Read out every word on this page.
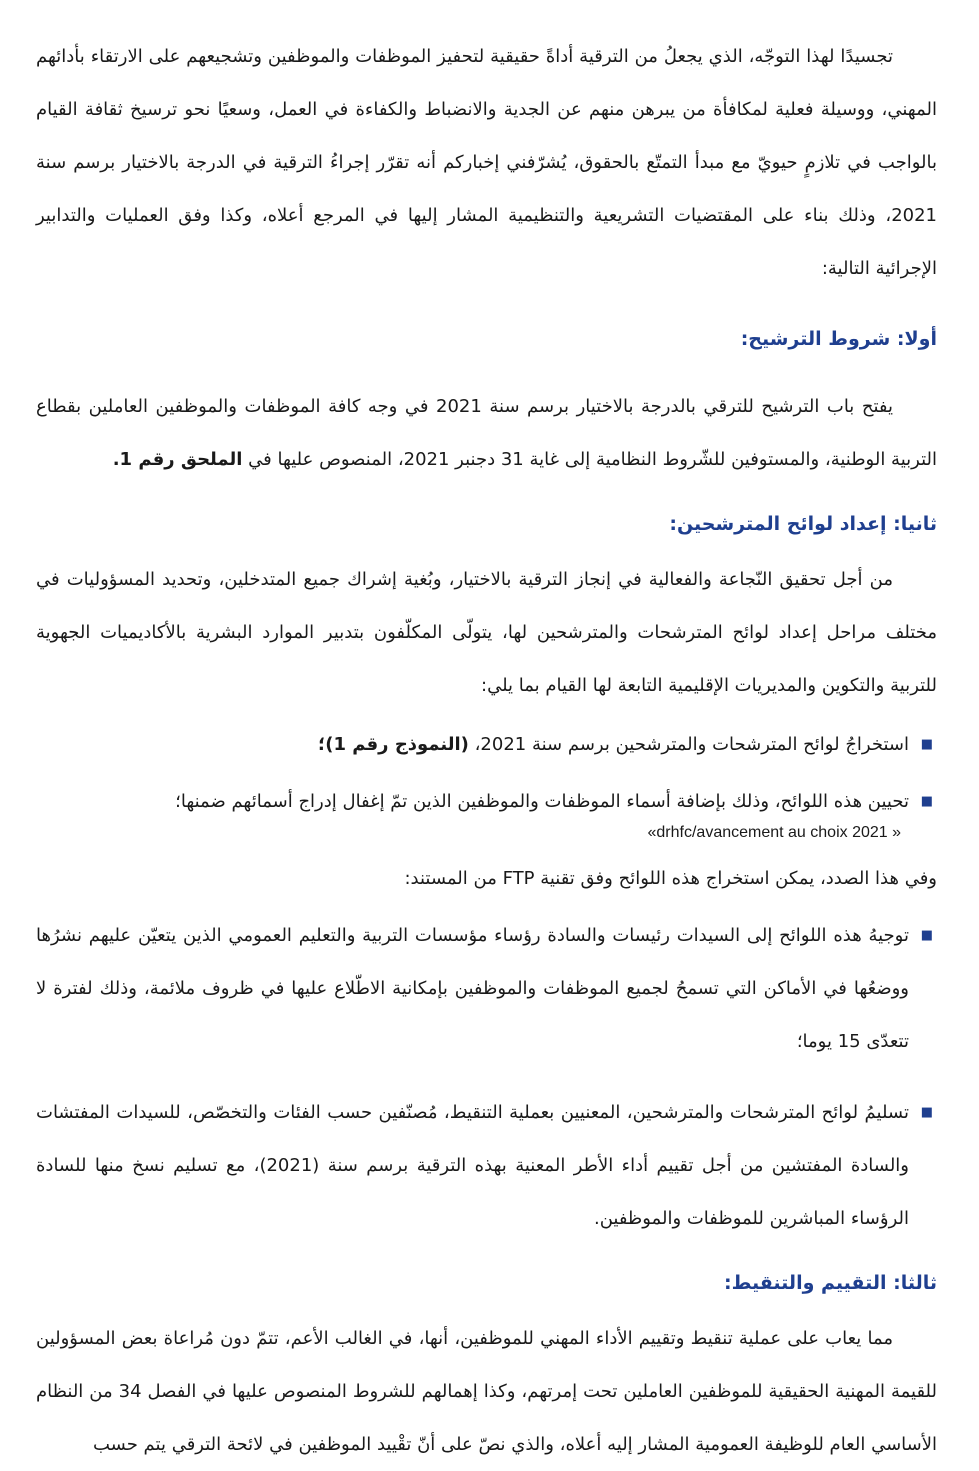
تجسيدًا لهذا التوجّه، الذي يجعلُ من الترقية أداةً حقيقية لتحفيز الموظفات والموظفين وتشجيعهم على الارتقاء بأدائهم المهني، ووسيلة فعلية لمكافأة من يبرهن منهم عن الجدية والانضباط والكفاءة في العمل، وسعيًا نحو ترسيخ ثقافة القيام بالواجب في تلازمٍ حيويّ مع مبدأ التمتّع بالحقوق، يُشرّفني إخباركم أنه تقرّر إجراءُ الترقية في الدرجة بالاختيار برسم سنة 2021، وذلك بناء على المقتضيات التشريعية والتنظيمية المشار إليها في المرجع أعلاه، وكذا وفق العمليات والتدابير الإجرائية التالية:

أولا: شروط الترشيح:

يفتح باب الترشيح للترقي بالدرجة بالاختيار برسم سنة 2021 في وجه كافة الموظفات والموظفين العاملين بقطاع التربية الوطنية، والمستوفين للشّروط النظامية إلى غاية 31 دجنبر 2021، المنصوص عليها في الملحق رقم 1.

ثانيا: إعداد لوائح المترشحين:

من أجل تحقيق النّجاعة والفعالية في إنجاز الترقية بالاختيار، وبُغية إشراك جميع المتدخلين، وتحديد المسؤوليات في مختلف مراحل إعداد لوائح المترشحات والمترشحين لها، يتولّى المكلّفون بتدبير الموارد البشرية بالأكاديميات الجهوية للتربية والتكوين والمديريات الإقليمية التابعة لها القيام بما يلي:

■
استخراجُ لوائح المترشحات والمترشحين برسم سنة 2021، (النموذج رقم 1)؛

■
تحيين هذه اللوائح، وذلك بإضافة أسماء الموظفات والموظفين الذين تمّ إغفال إدراج أسمائهم ضمنها؛

«drhfc/avancement au choix 2021 »

وفي هذا الصدد، يمكن استخراج هذه اللوائح وفق تقنية FTP من المستند:

■
توجيهُ هذه اللوائح إلى السيدات رئيسات والسادة رؤساء مؤسسات التربية والتعليم العمومي الذين يتعيّن عليهم نشرُها ووضعُها في الأماكن التي تسمحُ لجميع الموظفات والموظفين بإمكانية الاطّلاع عليها في ظروف ملائمة، وذلك لفترة لا تتعدّى 15 يوما؛

■
تسليمُ لوائح المترشحات والمترشحين، المعنيين بعملية التنقيط، مُصنّفين حسب الفئات والتخصّص، للسيدات المفتشات والسادة المفتشين من أجل تقييم أداء الأطر المعنية بهذه الترقية برسم سنة (2021)، مع تسليم نسخ منها للسادة الرؤساء المباشرين للموظفات والموظفين.

ثالثا: التقييم والتنقيط:

مما يعاب على عملية تنقيط وتقييم الأداء المهني للموظفين، أنها، في الغالب الأعم، تتمّ دون مُراعاة بعض المسؤولين للقيمة المهنية الحقيقية للموظفين العاملين تحت إمرتهم، وكذا إهمالهم للشروط المنصوص عليها في الفصل 34 من النظام الأساسي العام للوظيفة العمومية المشار إليه أعلاه، والذي نصّ على أنّ تقْييد الموظفين في لائحة الترقي يتم حسب
